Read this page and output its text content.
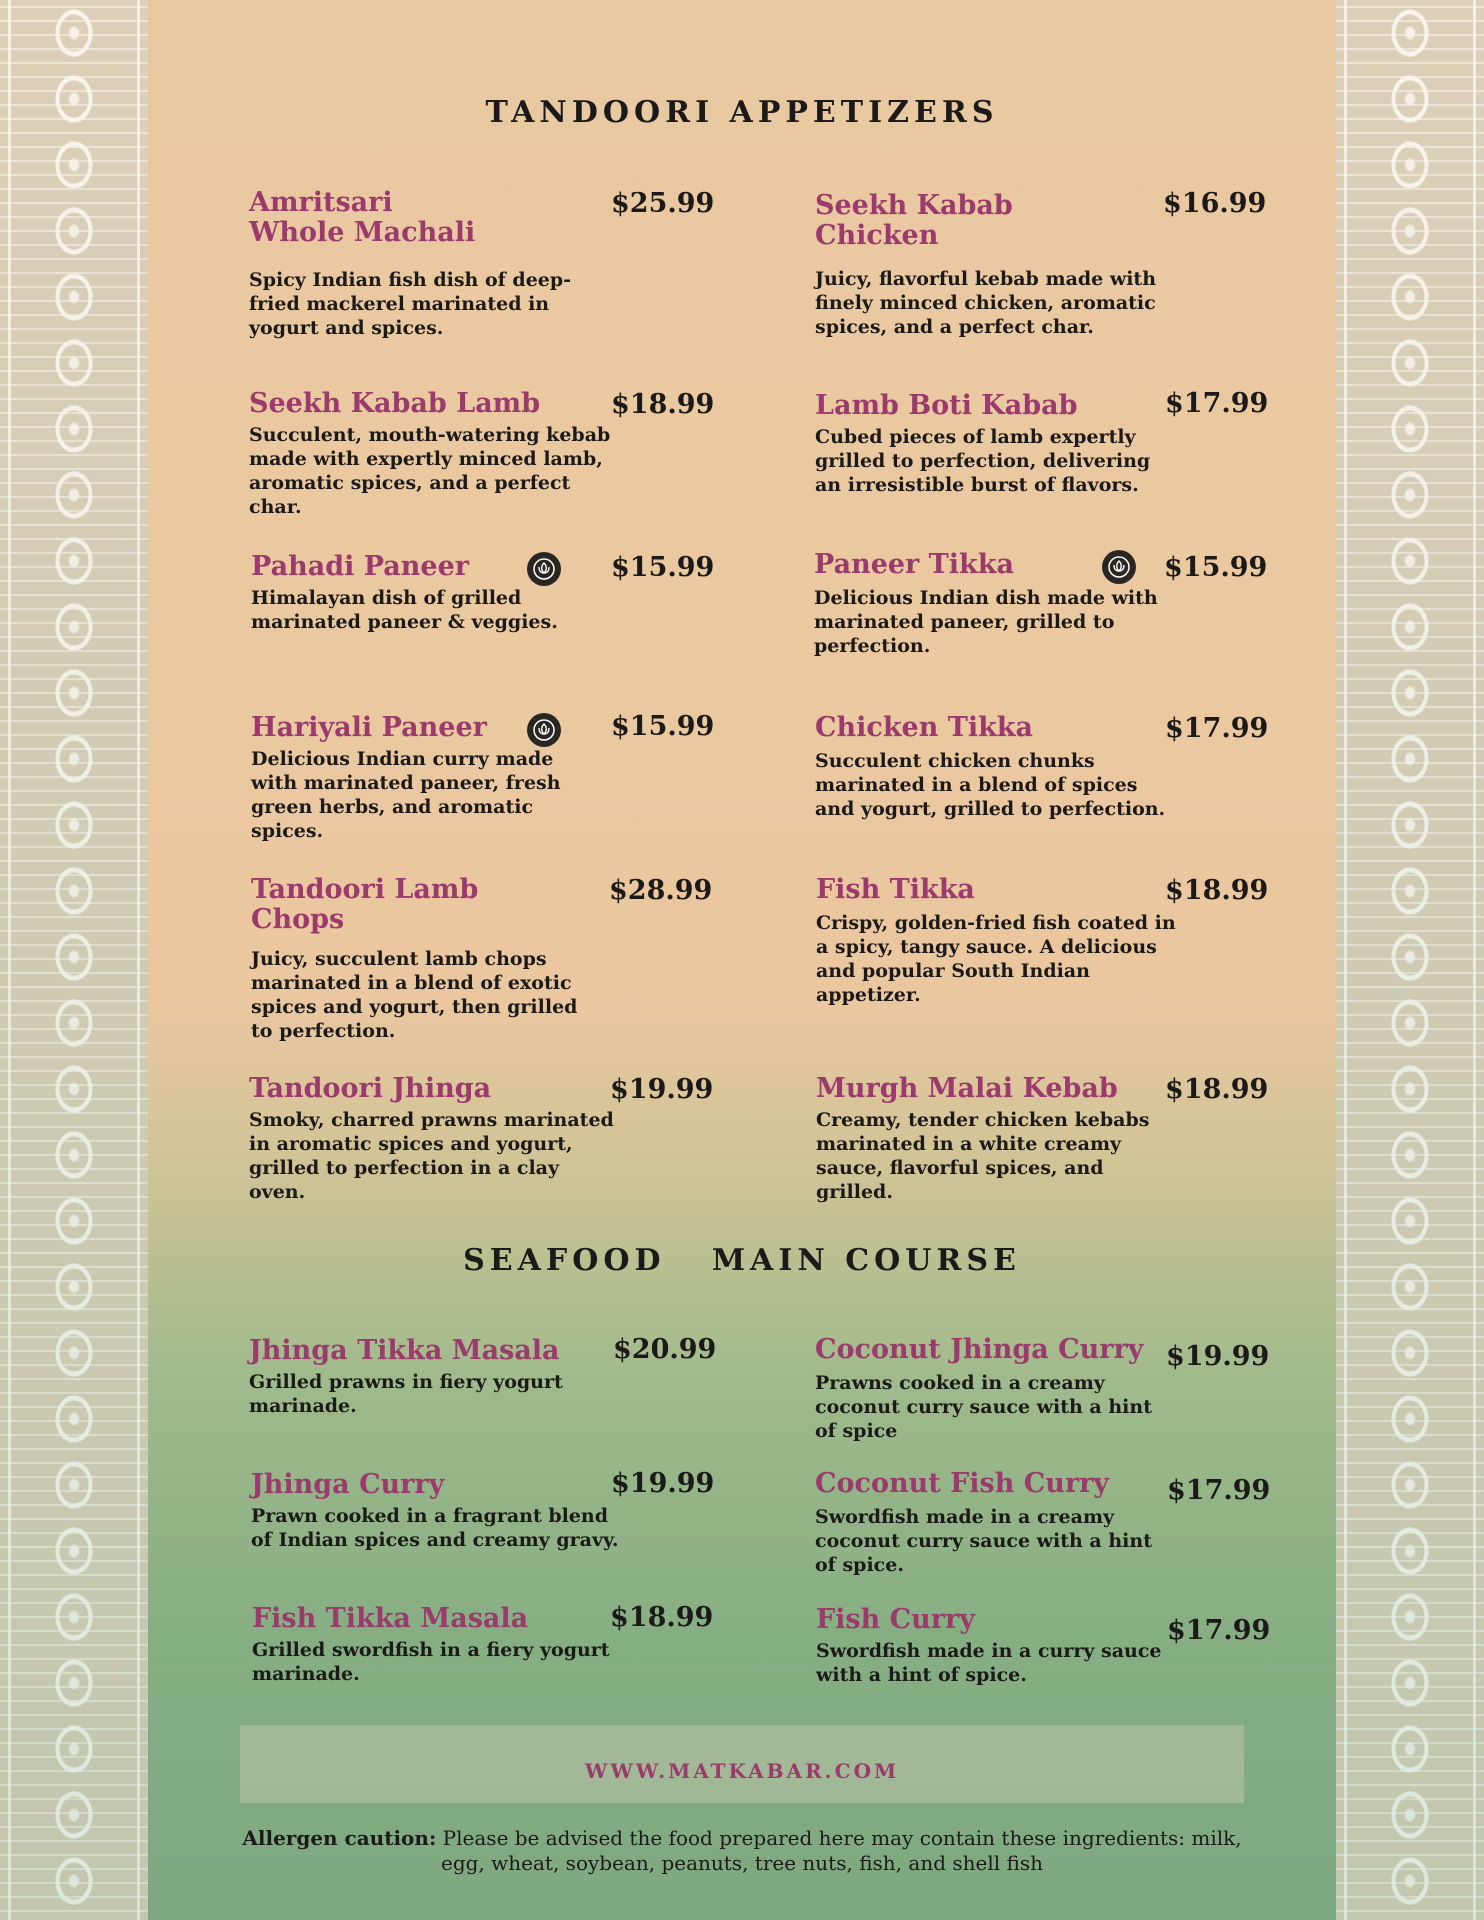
TANDOORI APPETIZERS
Amritsari
Whole Machali
$25.99
Spicy Indian fish dish of deep-fried mackerel marinated in yogurt and spices.
Seekh Kabab
Chicken
$16.99
Juicy, flavorful kebab made with finely minced chicken, aromatic spices, and a perfect char.
Seekh Kabab Lamb	$18.99
Succulent, mouth-watering kebab made with expertly minced lamb, aromatic spices, and a perfect char.
Lamb Boti Kabab	$17.99
Cubed pieces of lamb expertly grilled to perfection, delivering an irresistible burst of flavors.
Pahadi Paneer	$15.99
Himalayan dish of grilled marinated paneer & veggies.
Paneer Tikka	$15.99
Delicious Indian dish made with marinated paneer, grilled to perfection.
Hariyali Paneer	$15.99
Delicious Indian curry made with marinated paneer, fresh green herbs, and aromatic spices.
Chicken Tikka	$17.99
Succulent chicken chunks marinated in a blend of spices and yogurt, grilled to perfection.
Tandoori Lamb
Chops
$28.99
Juicy, succulent lamb chops marinated in a blend of exotic spices and yogurt, then grilled to perfection.
Fish Tikka	$18.99
Crispy, golden-fried fish coated in a spicy, tangy sauce. A delicious and popular South Indian appetizer.
Tandoori Jhinga	$19.99
Smoky, charred prawns marinated in aromatic spices and yogurt, grilled to perfection in a clay oven.
Murgh Malai Kebab	$18.99
Creamy, tender chicken kebabs marinated in a white creamy sauce, flavorful spices, and grilled.
SEAFOOD   MAIN COURSE
Jhinga Tikka Masala	$20.99
Grilled prawns in fiery yogurt marinade.
Coconut Jhinga Curry $19.99
Prawns cooked in a creamy coconut curry sauce with a hint of spice
Jhinga Curry	$19.99
Prawn cooked in a fragrant blend of Indian spices and creamy gravy.
Coconut Fish Curry	$17.99
Swordfish made in a creamy coconut curry sauce with a hint of spice.
Fish Tikka Masala	$18.99
Grilled swordfish in a fiery yogurt marinade.
Fish Curry	$17.99
Swordfish made in a curry sauce with a hint of spice.
WWW.MATKABAR.COM
Allergen caution: Please be advised the food prepared here may contain these ingredients: milk, egg, wheat, soybean, peanuts, tree nuts, fish, and shell fish
